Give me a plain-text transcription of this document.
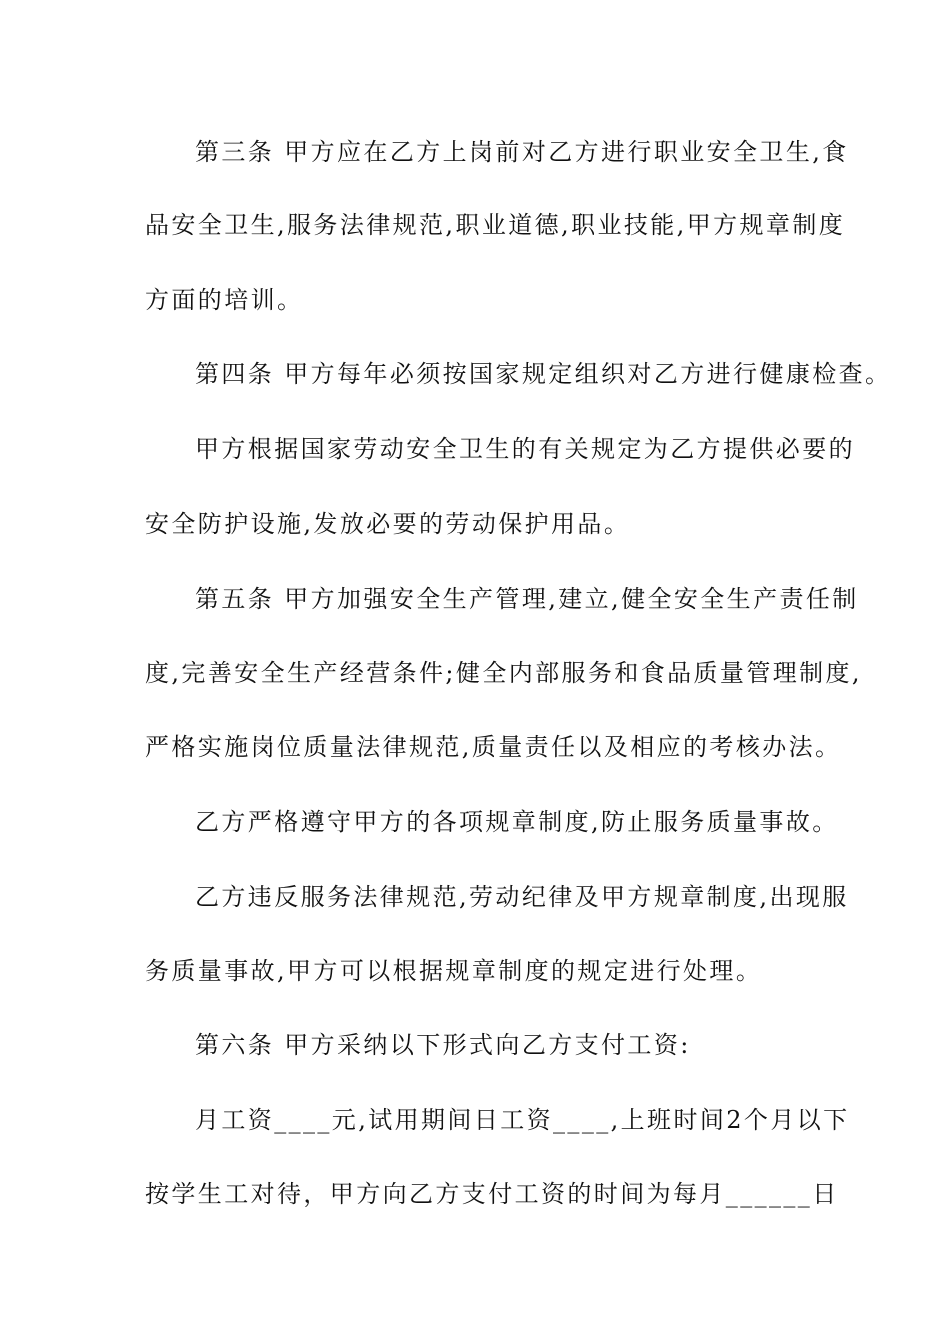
第三条 甲方应在乙方上岗前对乙方进行职业安全卫生,食
品安全卫生,服务法律规范,职业道德,职业技能,甲方规章制度
方面的培训。
第四条 甲方每年必须按国家规定组织对乙方进行健康检查。
甲方根据国家劳动安全卫生的有关规定为乙方提供必要的
安全防护设施,发放必要的劳动保护用品。
第五条 甲方加强安全生产管理,建立,健全安全生产责任制
度,完善安全生产经营条件;健全内部服务和食品质量管理制度,
严格实施岗位质量法律规范,质量责任以及相应的考核办法。
乙方严格遵守甲方的各项规章制度,防止服务质量事故。
乙方违反服务法律规范,劳动纪律及甲方规章制度,出现服
务质量事故,甲方可以根据规章制度的规定进行处理。
第六条 甲方采纳以下形式向乙方支付工资:
月工资____元,试用期间日工资____,上班时间2个月以下
按学生工对待，甲方向乙方支付工资的时间为每月______日
